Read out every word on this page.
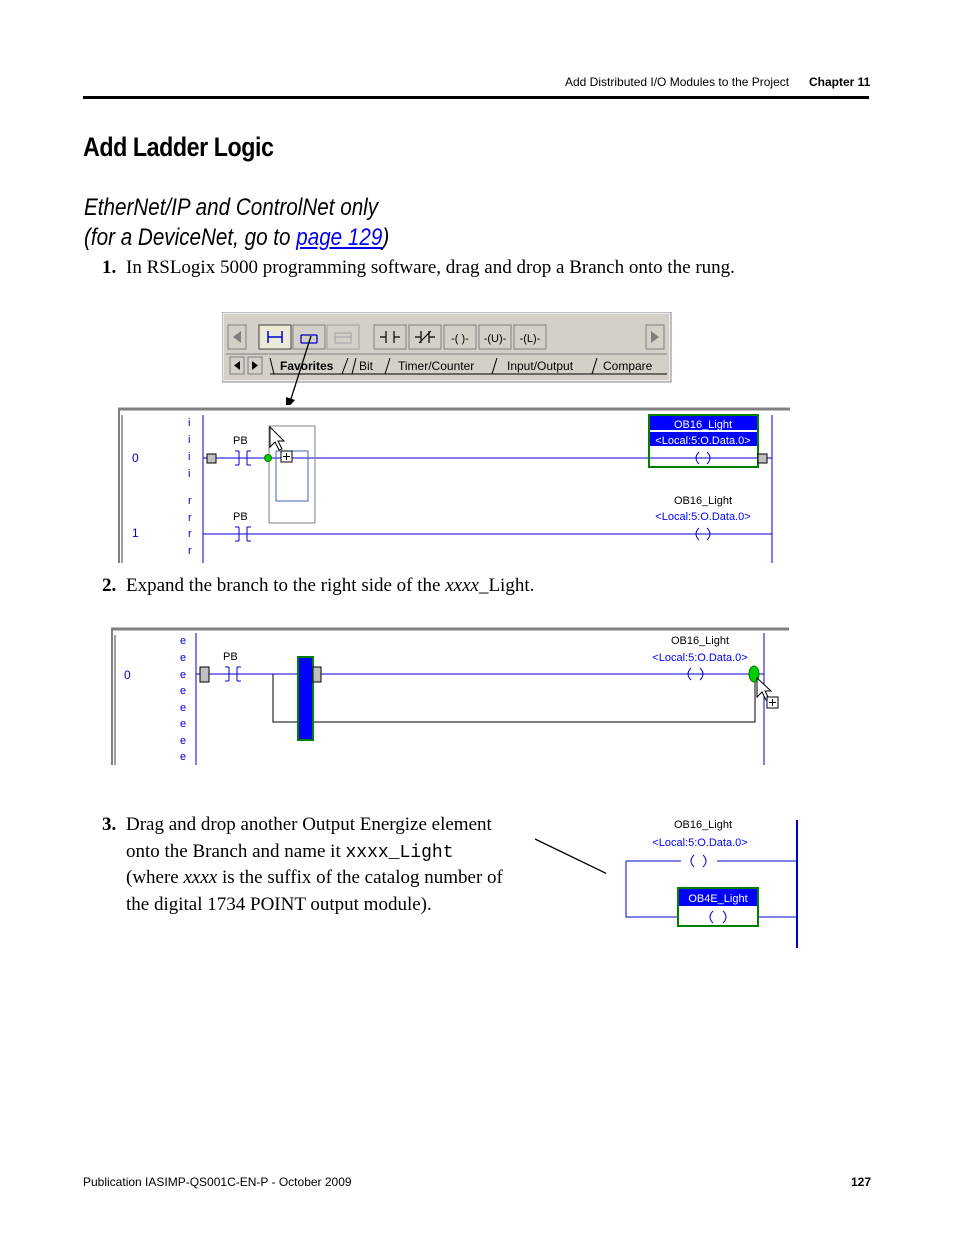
Add Distributed I/O Modules to the Project Chapter 11
Add Ladder Logic
EtherNet/IP and ControlNet only
(for a DeviceNet, go to page 129)
1. In RSLogix 5000 programming software, drag and drop a Branch onto the rung.
-( )- -(U)- -(L)-
Favorites Bit Timer/Counter	Input/Output Compare
0
1
i
i
i
i
r
r
r
r
PB
OB16_Light
<Local:5:O.Data.0>
PB
OB16_Light
<Local:5:O.Data.0>
2. Expand the branch to the right side of the xxxx_Light.
0
e
e
e
e
e
e
e
e
PB
OB16_Light
<Local:5:O.Data.0>
3. Drag and drop another Output Energize element
onto the Branch and name it xxxx_Light
(where xxxx is the suffix of the catalog number of
the digital 1734 POINT output module).
OB16_Light
<Local:5:O.Data.0>
OB4E_Light
Publication IASIMP-QS001C-EN-P - October 2009	127
